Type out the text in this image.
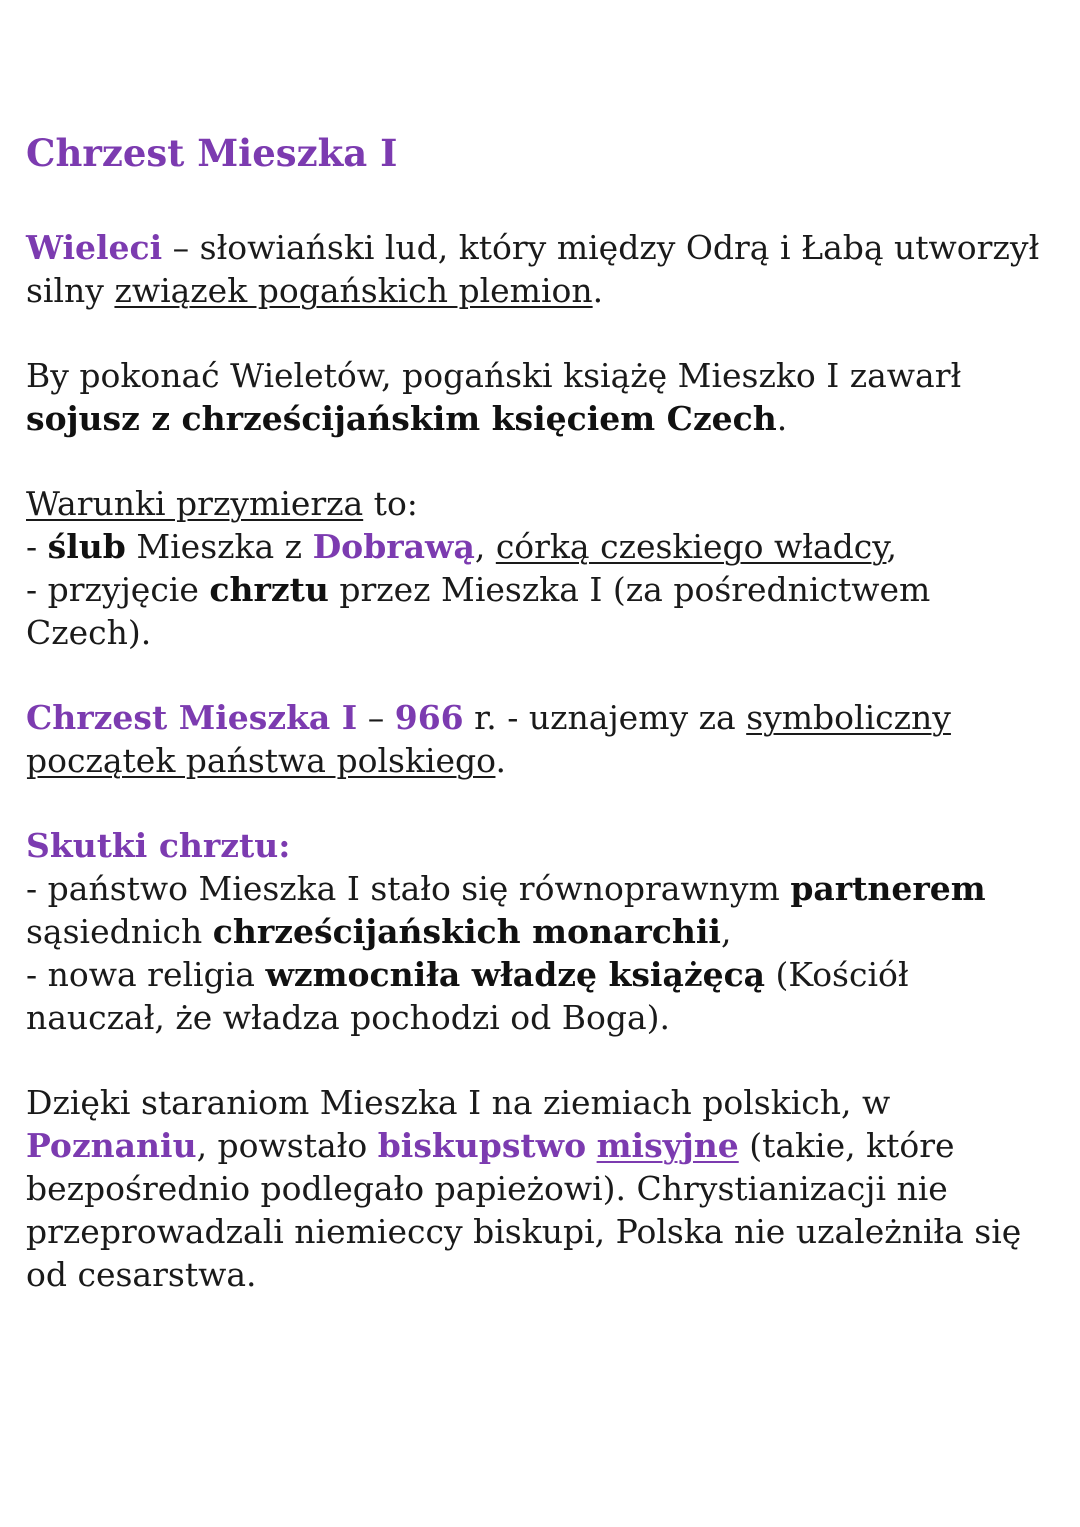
Chrzest Mieszka I

Wieleci – słowiański lud, który między Odrą i Łabą utworzył silny związek pogańskich plemion.

By pokonać Wieletów, pogański książę Mieszko I zawarł sojusz z chrześcijańskim księciem Czech.

Warunki przymierza to:
- ślub Mieszka z Dobrawą, córką czeskiego władcy,
- przyjęcie chrztu przez Mieszka I (za pośrednictwem Czech).

Chrzest Mieszka I – 966 r. - uznajemy za symboliczny początek państwa polskiego.

Skutki chrztu:
- państwo Mieszka I stało się równoprawnym partnerem sąsiednich chrześcijańskich monarchii,
- nowa religia wzmocniła władzę książęcą (Kościół nauczał, że władza pochodzi od Boga).

Dzięki staraniom Mieszka I na ziemiach polskich, w Poznaniu, powstało biskupstwo misyjne (takie, które bezpośrednio podlegało papieżowi). Chrystianizacji nie przeprowadzali niemieccy biskupi, Polska nie uzależniła się od cesarstwa.
